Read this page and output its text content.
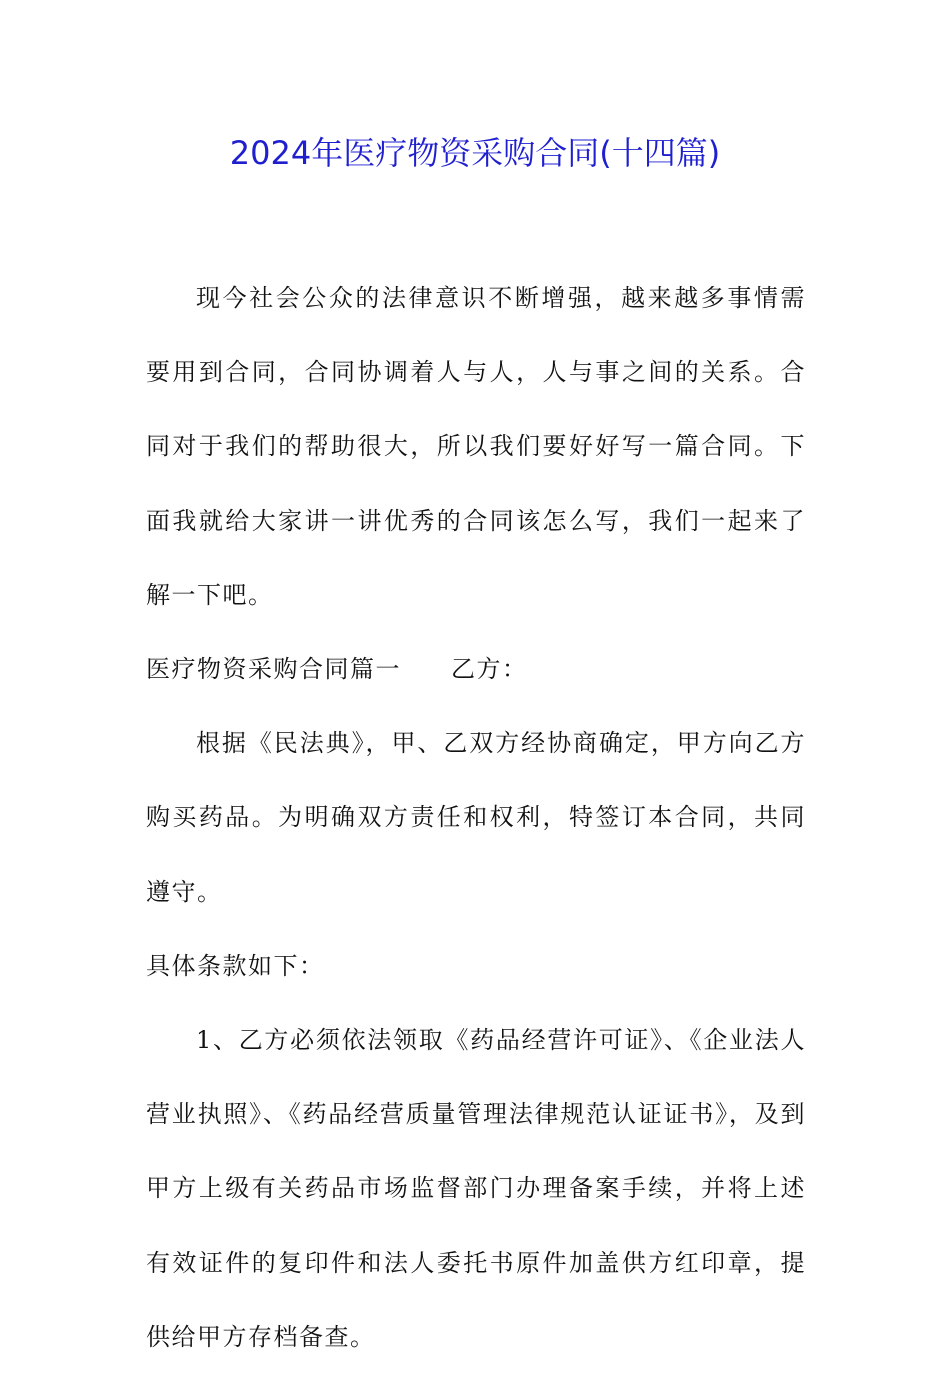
2024年医疗物资采购合同(十四篇)

现今社会公众的法律意识不断增强，越来越多事情需要用到合同，合同协调着人与人，人与事之间的关系。合同对于我们的帮助很大，所以我们要好好写一篇合同。下面我就给大家讲一讲优秀的合同该怎么写，我们一起来了解一下吧。

医疗物资采购合同篇一 乙方：

根据《民法典》，甲、乙双方经协商确定，甲方向乙方购买药品。为明确双方责任和权利，特签订本合同，共同遵守。

具体条款如下：

1、乙方必须依法领取《药品经营许可证》、《企业法人营业执照》、《药品经营质量管理法律规范认证证书》，及到甲方上级有关药品市场监督部门办理备案手续，并将上述有效证件的复印件和法人委托书原件加盖供方红印章，提供给甲方存档备查。
